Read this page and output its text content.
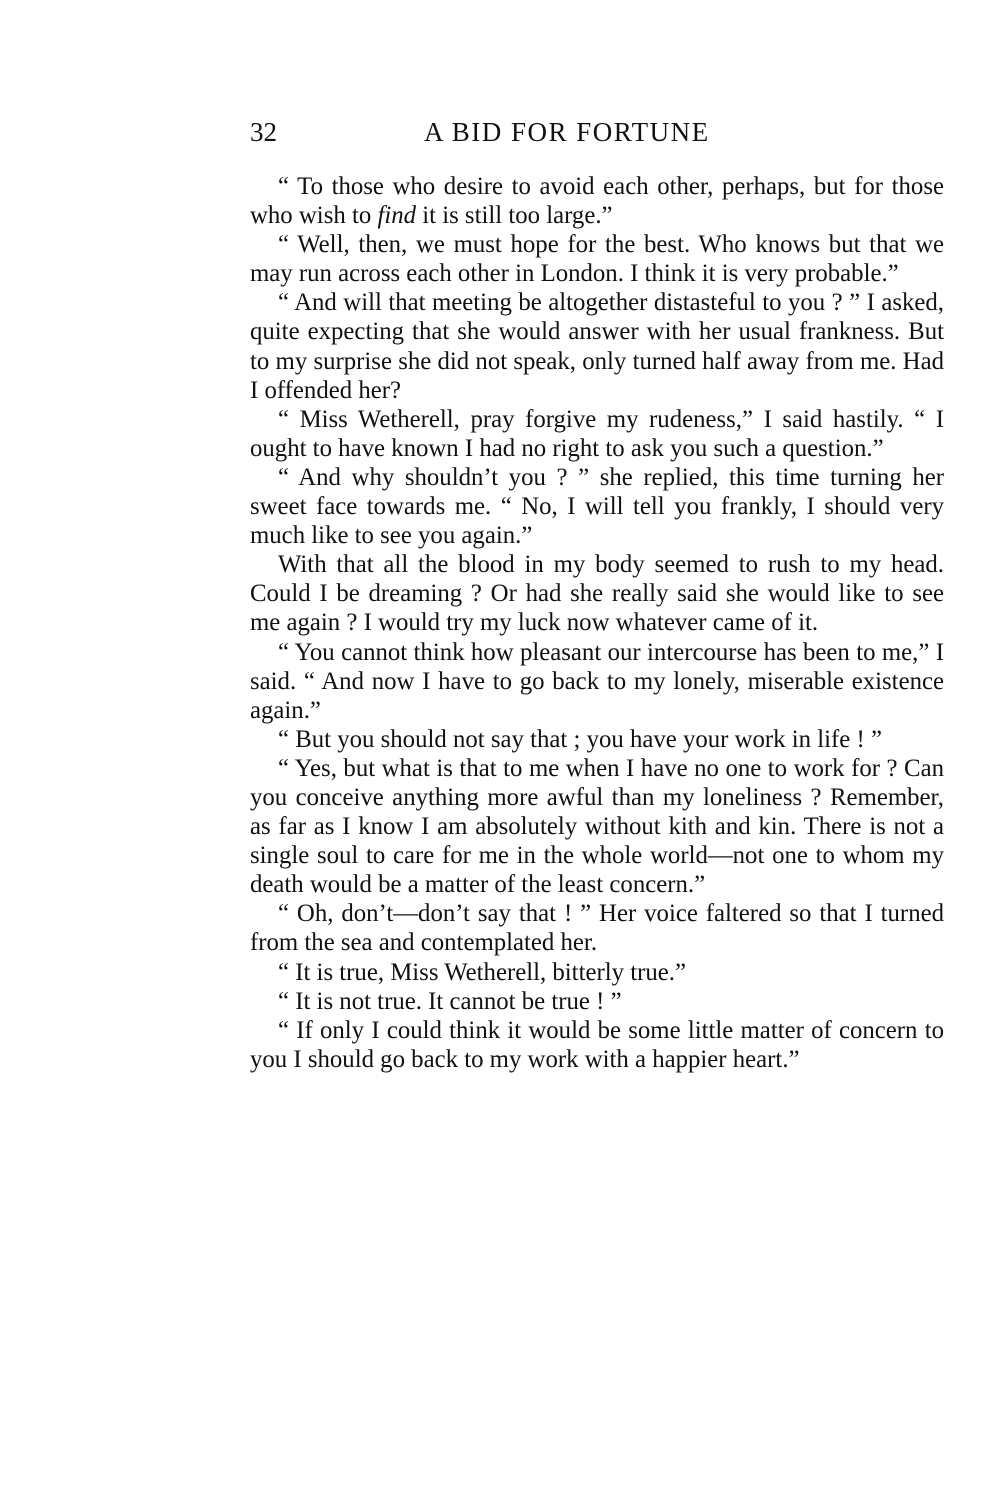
32	A BID FOR FORTUNE

“ To those who desire to avoid each other, perhaps, but for those who wish to find it is still too large.”

“ Well, then, we must hope for the best. Who knows but that we may run across each other in London. I think it is very probable.”

“ And will that meeting be altogether distasteful to you ? ” I asked, quite expecting that she would answer with her usual frankness. But to my surprise she did not speak, only turned half away from me. Had I offended her?

“ Miss Wetherell, pray forgive my rudeness,” I said hastily. “ I ought to have known I had no right to ask you such a question.”

“ And why shouldn’t you ? ” she replied, this time turning her sweet face towards me. “ No, I will tell you frankly, I should very much like to see you again.”

With that all the blood in my body seemed to rush to my head. Could I be dreaming ? Or had she really said she would like to see me again ? I would try my luck now whatever came of it.

“ You cannot think how pleasant our intercourse has been to me,” I said. “ And now I have to go back to my lonely, miserable existence again.”

“ But you should not say that ; you have your work in life ! ”

“ Yes, but what is that to me when I have no one to work for ? Can you conceive anything more awful than my loneliness ? Remember, as far as I know I am absolutely without kith and kin. There is not a single soul to care for me in the whole world—not one to whom my death would be a matter of the least concern.”

“ Oh, don’t—don’t say that ! ” Her voice faltered so that I turned from the sea and contemplated her.

“ It is true, Miss Wetherell, bitterly true.”

“ It is not true. It cannot be true ! ”

“ If only I could think it would be some little matter of concern to you I should go back to my work with a happier heart.”
